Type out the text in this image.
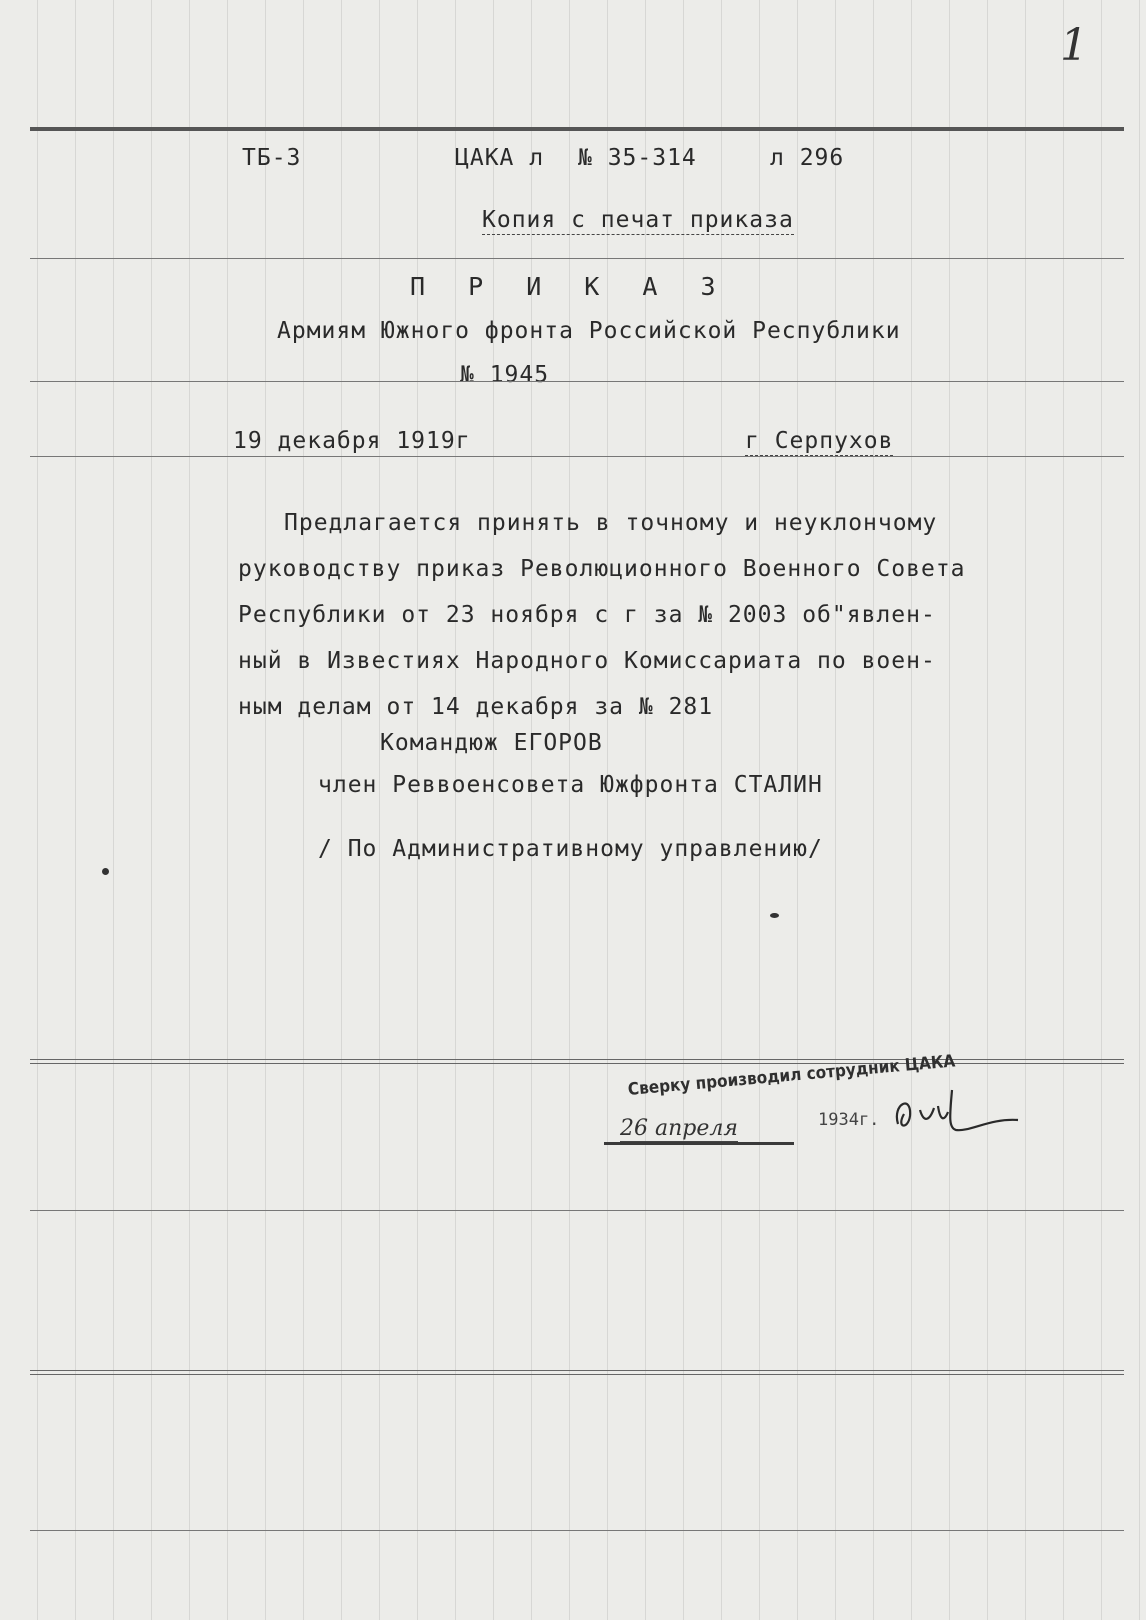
1
ТБ-3	ЦАКА л № 35-314	л 296
Копия с печат приказа
П Р И К А З
Армиям Южного фронта Российской Республики
№ 1945
19 декабря 1919г	г Серпухов
Предлагается принять в точному и неуклончому
руководству приказ Революционного Военного Совета
Республики от 23 ноября с г за № 2003 об"явлен-
ный в Известиях Народного Комиссариата по воен-
ным делам от 14 декабря за № 281
Командюж ЕГОРОВ
член Реввоенсовета Южфронта СТАЛИН
/ По Административному управлению/
Сверку производил сотрудник ЦАКА
26 апреля	1934г.
